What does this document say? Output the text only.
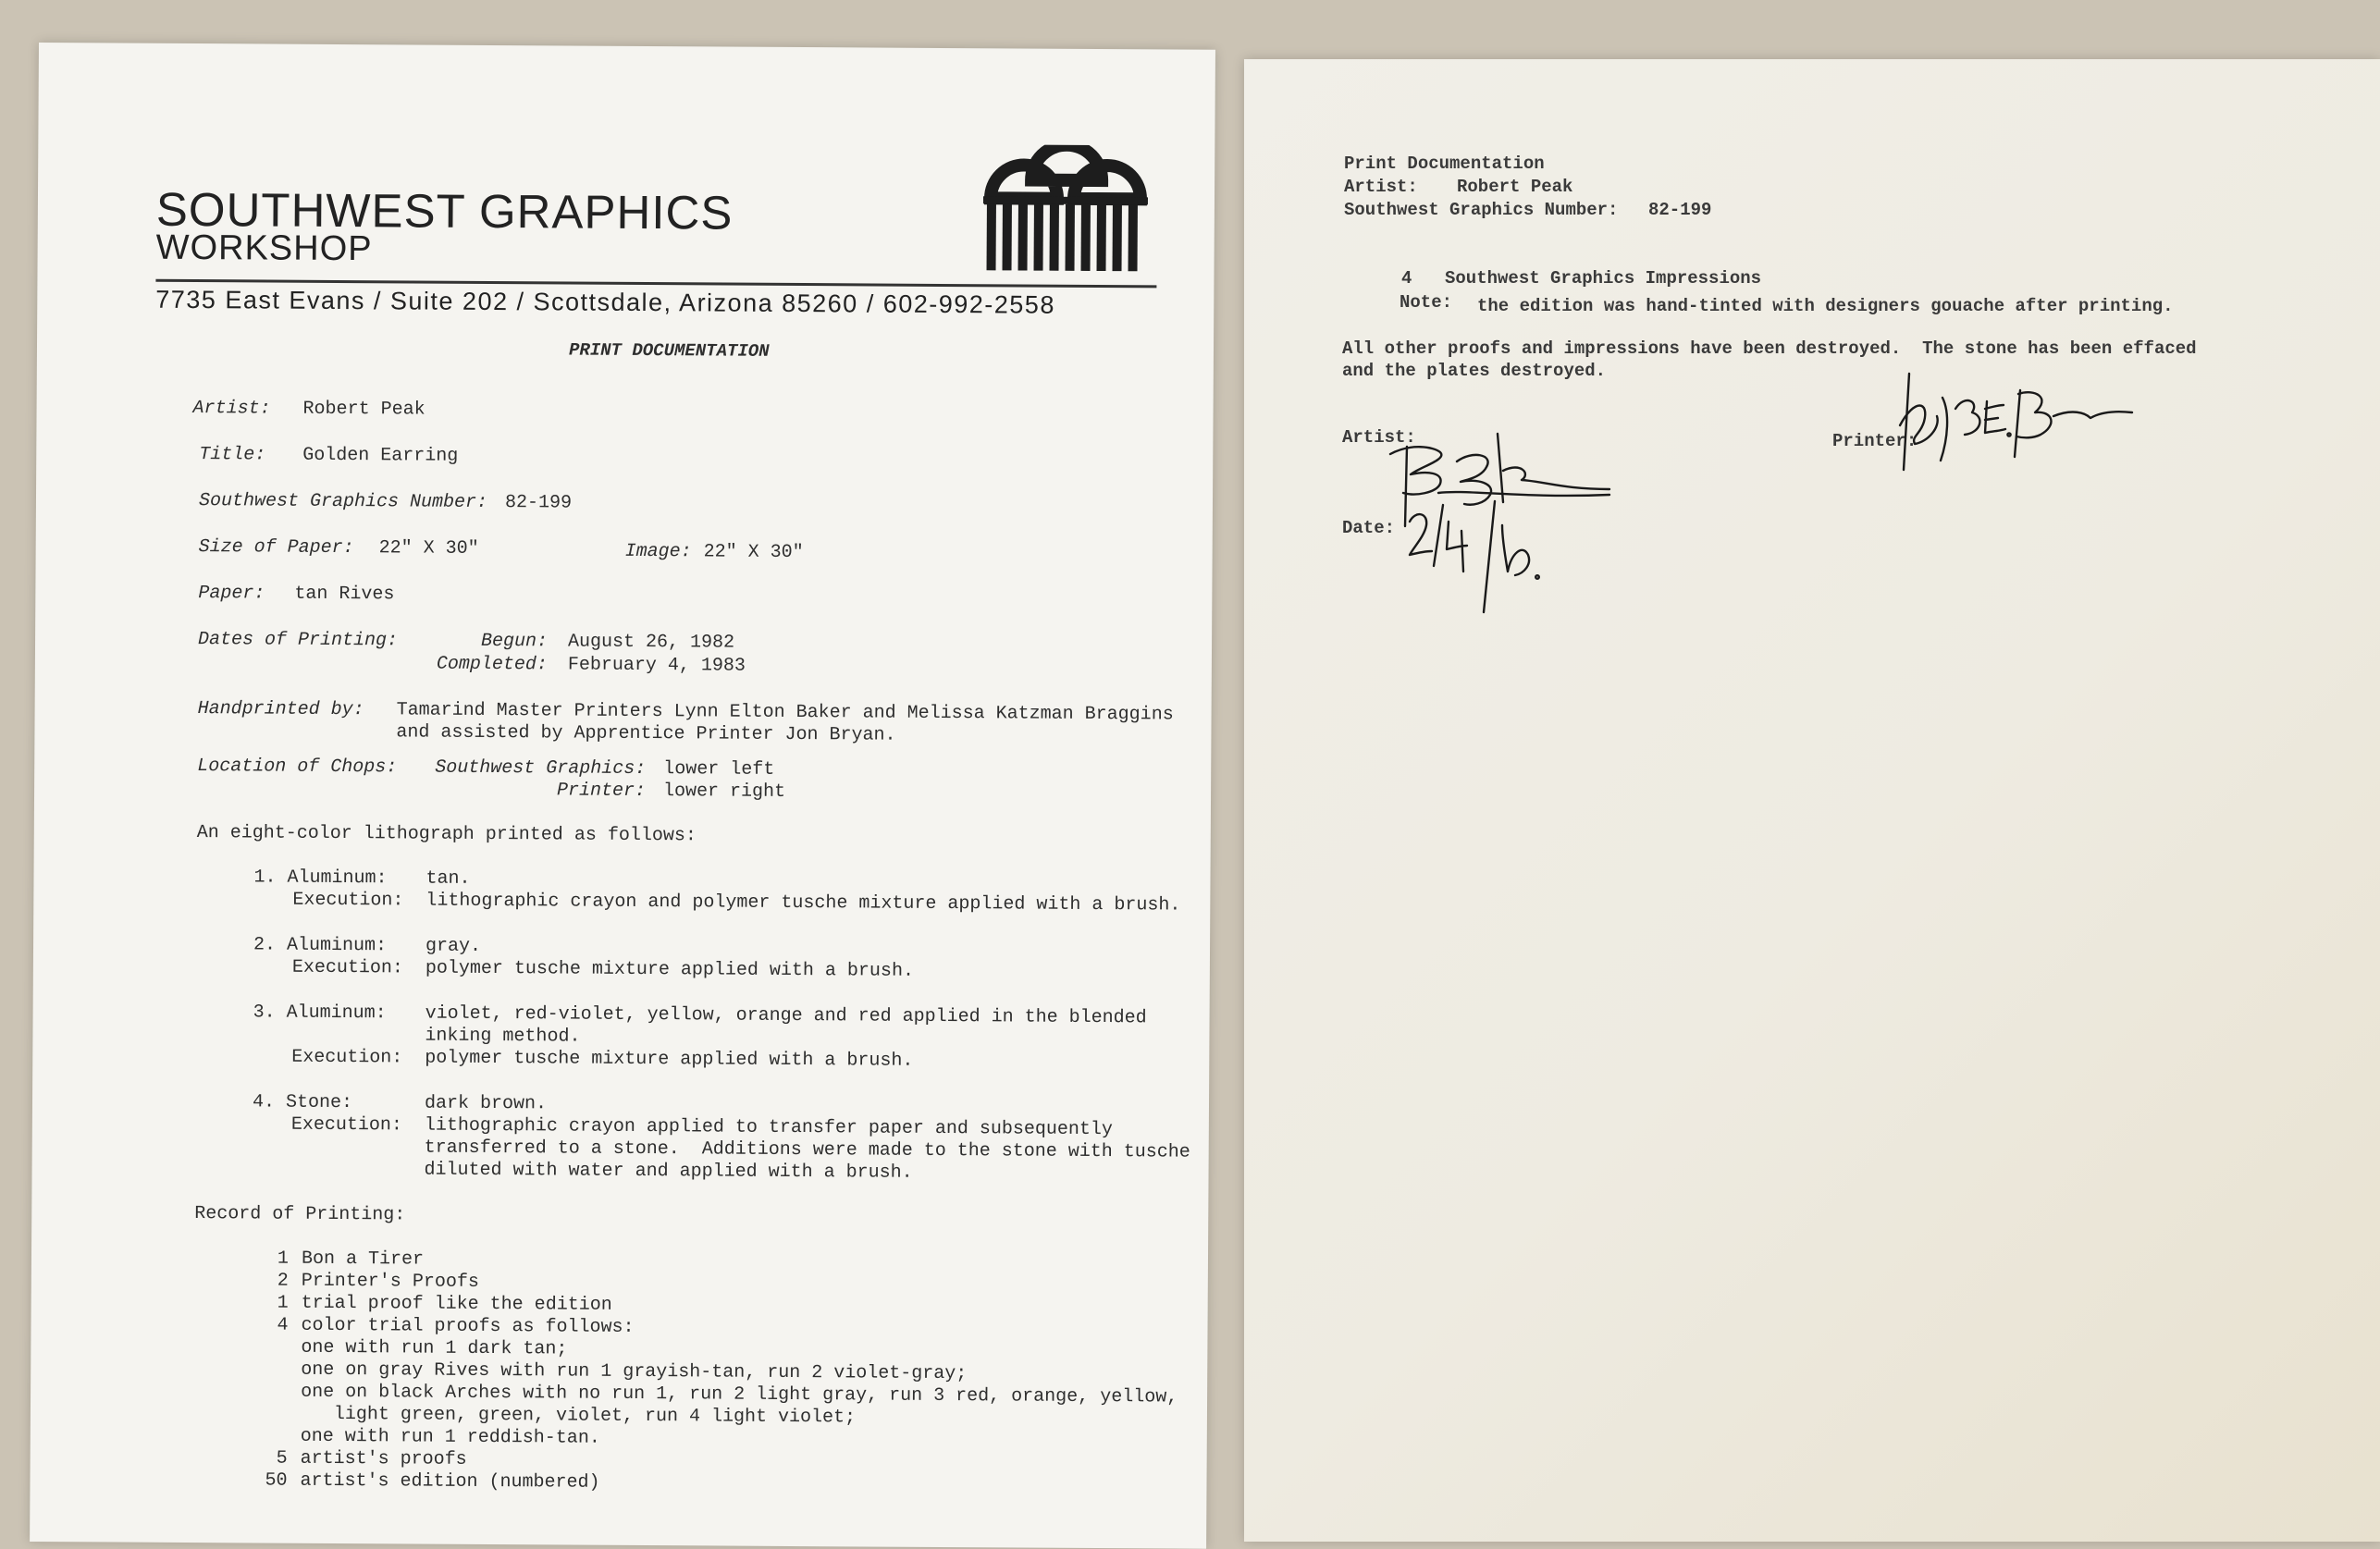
SOUTHWEST GRAPHICS
WORKSHOP
7735 East Evans / Suite 202 / Scottsdale, Arizona 85260 / 602-992-2558
PRINT DOCUMENTATION
Artist: Robert Peak
Title: Golden Earring
Southwest Graphics Number: 82-199
Size of Paper: 22" X 30"	Image: 22" X 30"
Paper: tan Rives
Dates of Printing:	Begun: August 26, 1982
Completed: February 4, 1983
Handprinted by: Tamarind Master Printers Lynn Elton Baker and Melissa Katzman Braggins
and assisted by Apprentice Printer Jon Bryan.
Location of Chops: Southwest Graphics: lower left
Printer: lower right
An eight-color lithograph printed as follows:
1. Aluminum: tan.
Execution: lithographic crayon and polymer tusche mixture applied with a brush.
2. Aluminum: gray.
Execution: polymer tusche mixture applied with a brush.
3. Aluminum: violet, red-violet, yellow, orange and red applied in the blended
inking method.
Execution: polymer tusche mixture applied with a brush.
4. Stone:	dark brown.
Execution: lithographic crayon applied to transfer paper and subsequently
transferred to a stone.  Additions were made to the stone with tusche
diluted with water and applied with a brush.
Record of Printing:
1 Bon a Tirer
2 Printer's Proofs
1 trial proof like the edition
4 color trial proofs as follows:
one with run 1 dark tan;
one on gray Rives with run 1 grayish-tan, run 2 violet-gray;
one on black Arches with no run 1, run 2 light gray, run 3 red, orange, yellow,
light green, green, violet, run 4 light violet;
one with run 1 reddish-tan.
5 artist's proofs
50 artist's edition (numbered)
Print Documentation
Artist: Robert Peak
Southwest Graphics Number: 82-199
4 Southwest Graphics Impressions
Note: the edition was hand-tinted with designers gouache after printing.
All other proofs and impressions have been destroyed.  The stone has been effaced
and the plates destroyed.
Artist:	Printer:
Date:
